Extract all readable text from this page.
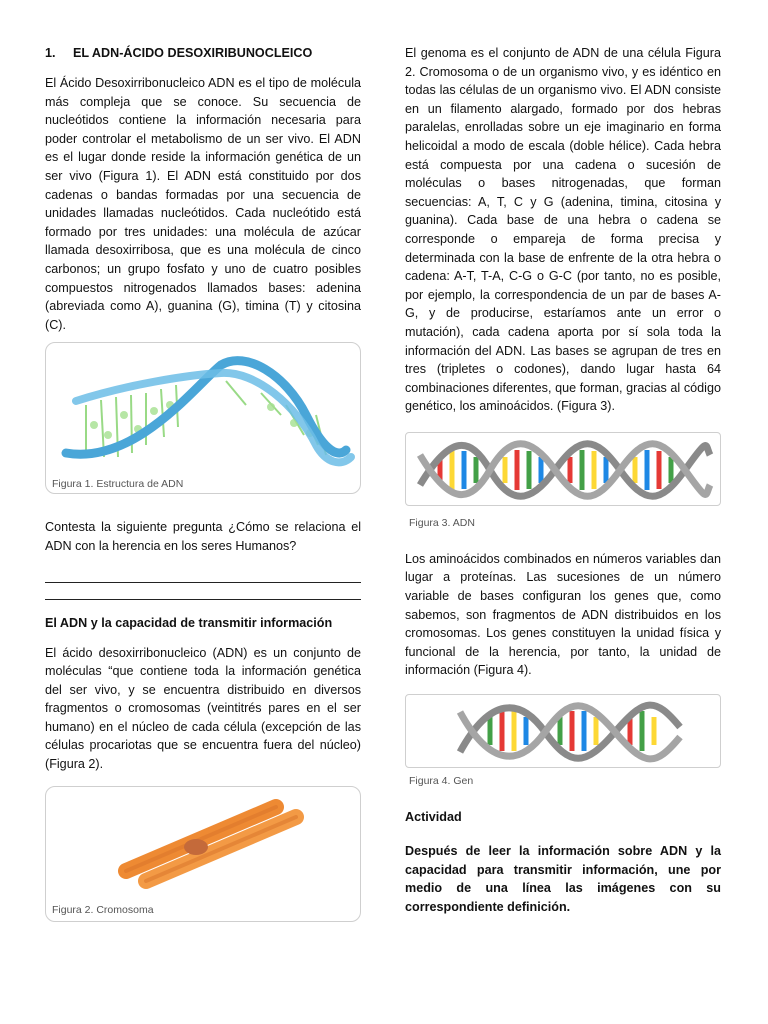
1. EL ADN-ÁCIDO DESOXIRIBUNOCLEICO

El Ácido Desoxirribonucleico ADN es el tipo de molécula más compleja que se conoce. Su secuencia de nucleótidos contiene la información necesaria para poder controlar el metabolismo de un ser vivo. El ADN es el lugar donde reside la información genética de un ser vivo (Figura 1). El ADN está constituido por dos cadenas o bandas formadas por una secuencia de unidades llamadas nucleótidos. Cada nucleótido está formado por tres unidades: una molécula de azúcar llamada desoxirribosa, que es una molécula de cinco carbonos; un grupo fosfato y uno de cuatro posibles compuestos nitrogenados llamados bases: adenina (abreviada como A), guanina (G), timina (T) y citosina (C).

Figura 1. Estructura de ADN

Contesta la siguiente pregunta ¿Cómo se relaciona el ADN con la herencia en los seres Humanos?

El ADN y la capacidad de transmitir información

El ácido desoxirribonucleico (ADN) es un conjunto de moléculas “que contiene toda la información genética del ser vivo, y se encuentra distribuido en diversos fragmentos o cromosomas (veintitrés pares en el ser humano) en el núcleo de cada célula (excepción de las células procariotas que se encuentra fuera del núcleo) (Figura 2).

Figura 2. Cromosoma

El genoma es el conjunto de ADN de una célula Figura 2. Cromosoma o de un organismo vivo, y es idéntico en todas las células de un organismo vivo. El ADN consiste en un filamento alargado, formado por dos hebras paralelas, enrolladas sobre un eje imaginario en forma helicoidal a modo de escala (doble hélice). Cada hebra está compuesta por una cadena o sucesión de moléculas o bases nitrogenadas, que forman secuencias: A, T, C y G (adenina, timina, citosina y guanina). Cada base de una hebra o cadena se corresponde o empareja de forma precisa y determinada con la base de enfrente de la otra hebra o cadena: A-T, T-A, C-G o G-C (por tanto, no es posible, por ejemplo, la correspondencia de un par de bases A-G, y de producirse, estaríamos ante un error o mutación), cada cadena aporta por sí sola toda la información del ADN. Las bases se agrupan de tres en tres (tripletes o codones), dando lugar hasta 64 combinaciones diferentes, que forman, gracias al código genético, los aminoácidos. (Figura 3).

Figura 3. ADN

Los aminoácidos combinados en números variables dan lugar a proteínas. Las sucesiones de un número variable de bases configuran los genes que, como sabemos, son fragmentos de ADN distribuidos en los cromosomas. Los genes constituyen la unidad física y funcional de la herencia, por tanto, la unidad de información (Figura 4).

Figura 4. Gen
Actividad

Después de leer la información sobre ADN y la capacidad para transmitir información, une por medio de una línea las imágenes con su correspondiente definición.
